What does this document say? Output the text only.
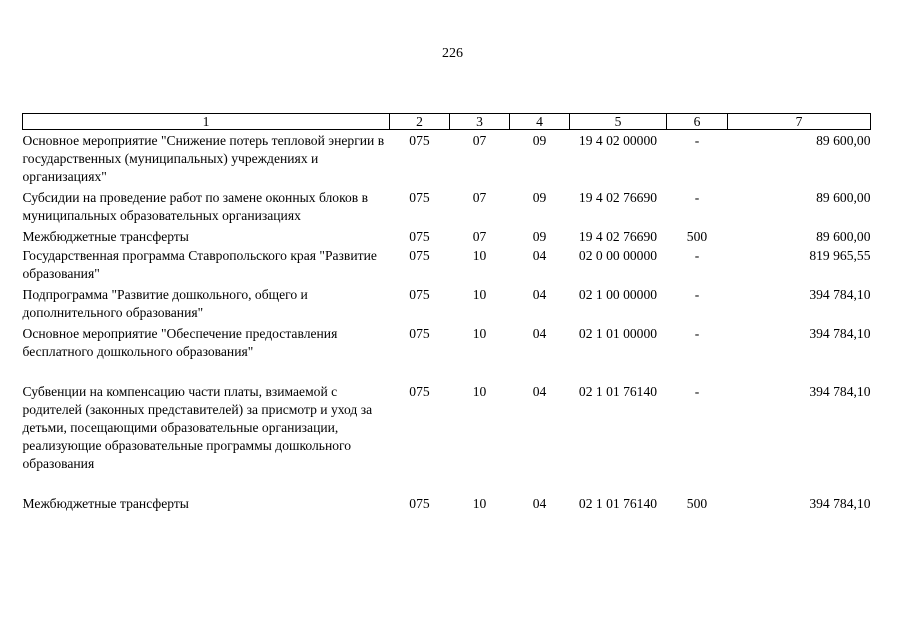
226
1	2	3	4	5	6	7
Основное мероприятие "Снижение потерь тепловой энергии в государственных (муниципальных) учреждениях и организациях"	075	07	09	19 4 02 00000	-	89 600,00
Субсидии на проведение работ по замене оконных блоков в муниципальных образовательных организациях	075	07	09	19 4 02 76690	-	89 600,00
Межбюджетные трансферты	075	07	09	19 4 02 76690	500	89 600,00
Государственная программа Ставропольского края "Развитие образования"	075	10	04	02 0 00 00000	-	819 965,55
Подпрограмма "Развитие дошкольного, общего и дополнительного образования"	075	10	04	02 1 00 00000	-	394 784,10
Основное мероприятие "Обеспечение предоставления бесплатного дошкольного образования"	075	10	04	02 1 01 00000	-	394 784,10
Субвенции на компенсацию части платы, взимаемой с родителей (законных представителей) за присмотр и уход за детьми, посещающими образовательные организации, реализующие образовательные программы дошкольного образования	075	10	04	02 1 01 76140	-	394 784,10
Межбюджетные трансферты	075	10	04	02 1 01 76140	500	394 784,10
